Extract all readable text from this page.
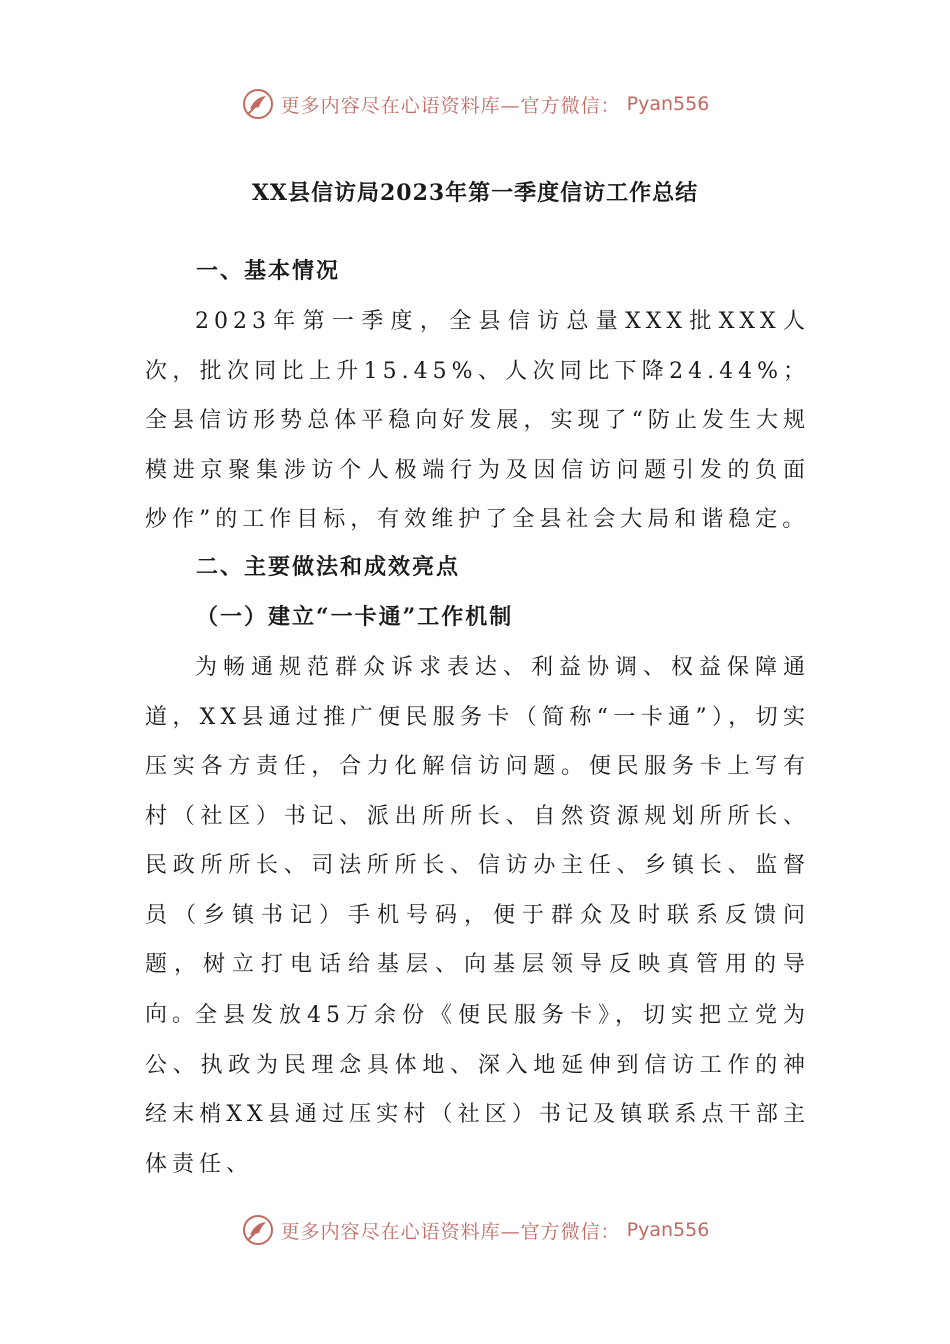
更多内容尽在心语资料库—官方微信： Pyan556
XX县信访局2023年第一季度信访工作总结
一、基本情况
2023年第一季度，全县信访总量XXX批XXX人次，批次同比上升15.45%、人次同比下降24.44%；全县信访形势总体平稳向好发展，实现了“防止发生大规模进京聚集涉访个人极端行为及因信访问题引发的负面炒作”的工作目标，有效维护了全县社会大局和谐稳定。
二、主要做法和成效亮点
（一）建立“一卡通”工作机制
为畅通规范群众诉求表达、利益协调、权益保障通道，XX县通过推广便民服务卡（简称“一卡通”），切实压实各方责任，合力化解信访问题。便民服务卡上写有村（社区）书记、派出所所长、自然资源规划所所长、民政所所长、司法所所长、信访办主任、乡镇长、监督员（乡镇书记）手机号码，便于群众及时联系反馈问题，树立打电话给基层、向基层领导反映真管用的导向。
全县发放45万余份《便民服务卡》，切实把立党为公、执政为民理念具体地、深入地延伸到信访工作的神经末梢XX县通过压实村（社区）书记及镇联系点干部主体责任、
更多内容尽在心语资料库—官方微信： Pyan556
